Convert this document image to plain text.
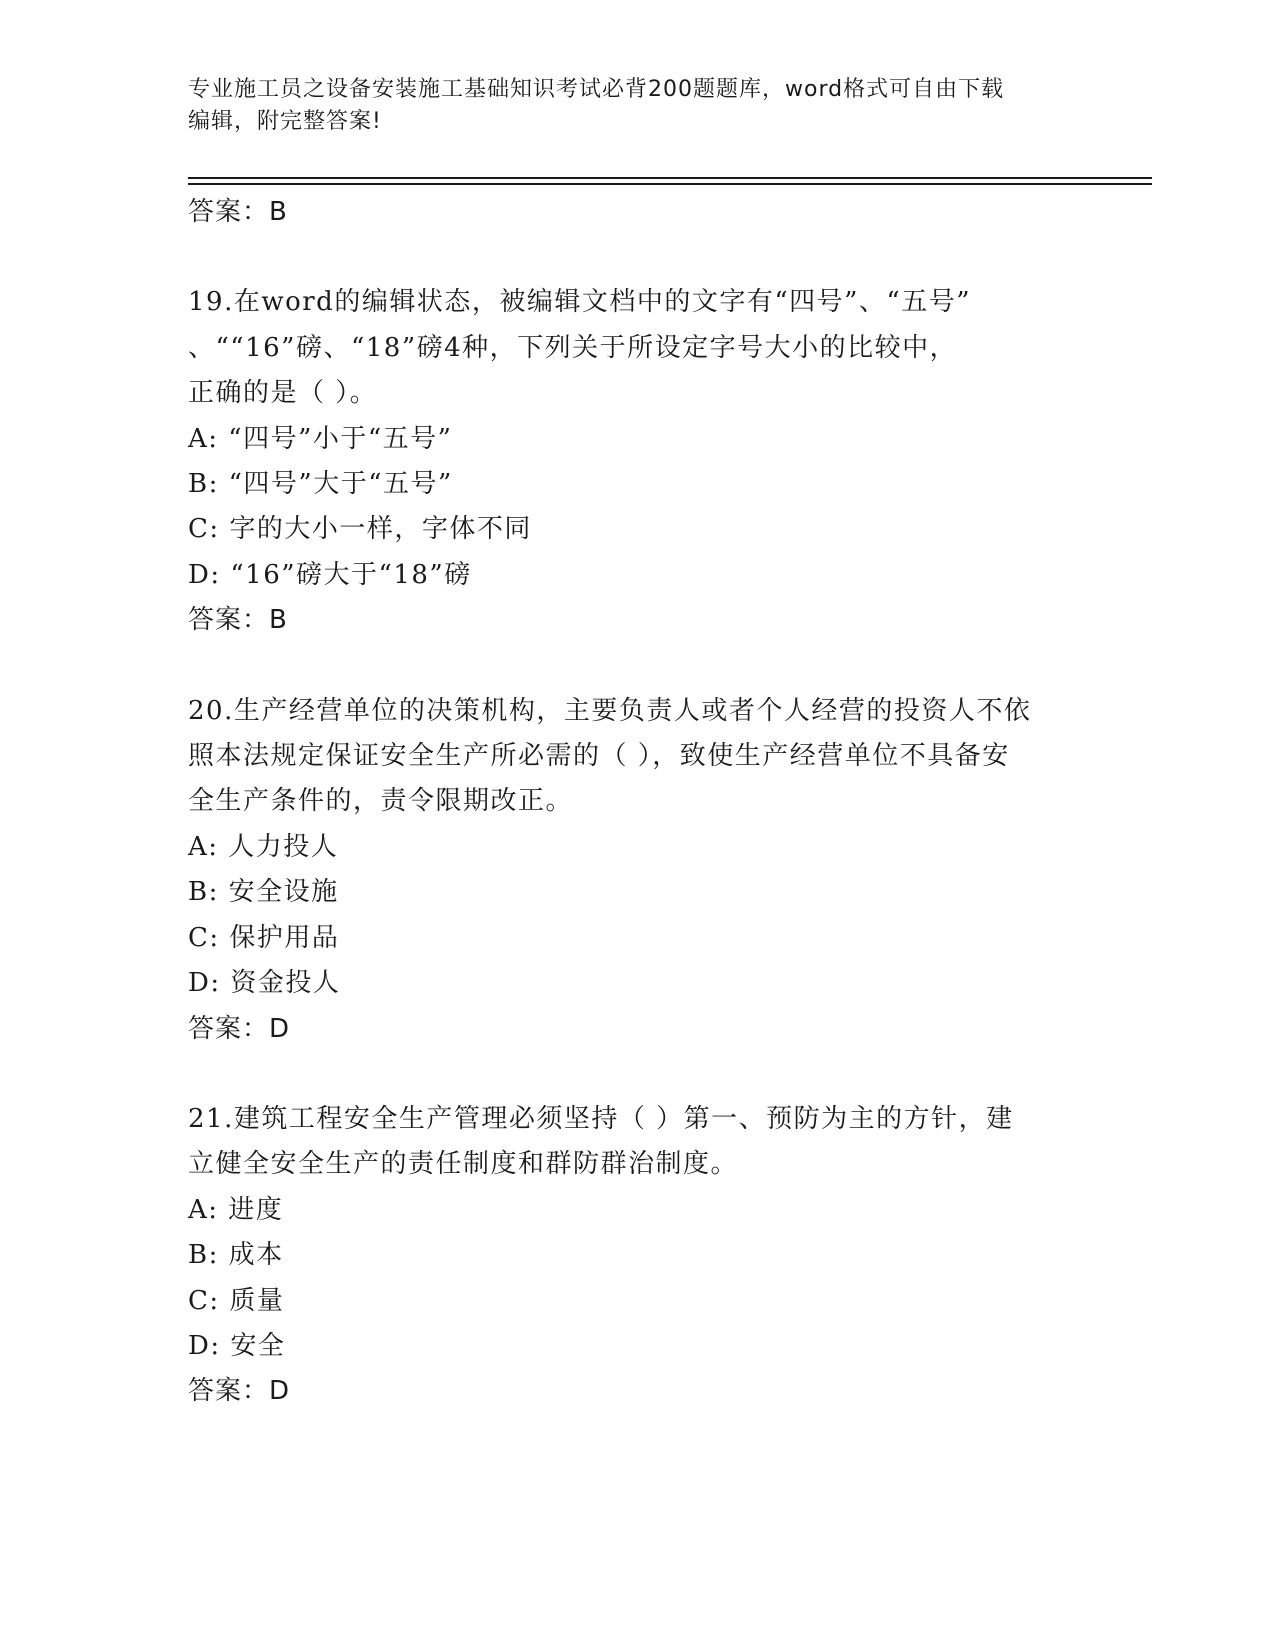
专业施工员之设备安装施工基础知识考试必背200题题库，word格式可自由下载
编辑，附完整答案!

答案：B

19.在word的编辑状态，被编辑文档中的文字有“四号”、“五号”

、““16”磅、“18”磅4种，下列关于所设定字号大小的比较中，

正确的是（ ）。

A: “四号”小于“五号”

B: “四号”大于“五号”

C: 字的大小一样，字体不同

D: “16”磅大于“18”磅

答案：B

20.生产经营单位的决策机构，主要负责人或者个人经营的投资人不依

照本法规定保证安全生产所必需的（ ），致使生产经营单位不具备安

全生产条件的，责令限期改正。

A: 人力投人

B: 安全设施

C: 保护用品

D: 资金投人

答案：D

21.建筑工程安全生产管理必须坚持（ ）第一、预防为主的方针，建

立健全安全生产的责任制度和群防群治制度。

A: 进度

B: 成本

C: 质量

D: 安全

答案：D
